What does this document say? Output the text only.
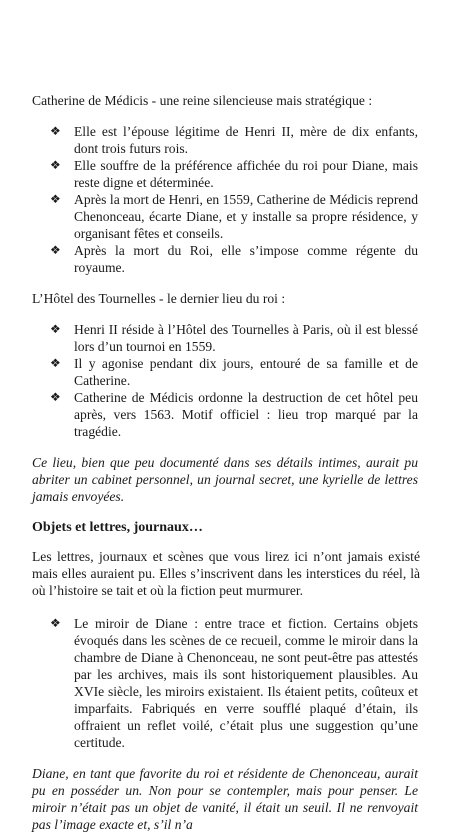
Catherine de Médicis - une reine silencieuse mais stratégique :

❖ Elle est l’épouse légitime de Henri II, mère de dix enfants, dont trois futurs rois.
❖ Elle souffre de la préférence affichée du roi pour Diane, mais reste digne et déterminée.
❖ Après la mort de Henri, en 1559, Catherine de Médicis reprend Chenonceau, écarte Diane, et y installe sa propre résidence, y organisant fêtes et conseils.
❖ Après la mort du Roi, elle s’impose comme régente du royaume.

L’Hôtel des Tournelles - le dernier lieu du roi :

❖ Henri II réside à l’Hôtel des Tournelles à Paris, où il est blessé lors d’un tournoi en 1559.
❖ Il y agonise pendant dix jours, entouré de sa famille et de Catherine.
❖ Catherine de Médicis ordonne la destruction de cet hôtel peu après, vers 1563. Motif officiel : lieu trop marqué par la tragédie.

Ce lieu, bien que peu documenté dans ses détails intimes, aurait pu abriter un cabinet personnel, un journal secret, une kyrielle de lettres jamais envoyées.

Objets et lettres, journaux…

Les lettres, journaux et scènes que vous lirez ici n’ont jamais existé mais elles auraient pu. Elles s’inscrivent dans les interstices du réel, là où l’histoire se tait et où la fiction peut murmurer.

❖ Le miroir de Diane : entre trace et fiction. Certains objets évoqués dans les scènes de ce recueil, comme le miroir dans la chambre de Diane à Chenonceau, ne sont peut-être pas attestés par les archives, mais ils sont historiquement plausibles. Au XVIe siècle, les miroirs existaient. Ils étaient petits, coûteux et imparfaits. Fabriqués en verre soufflé plaqué d’étain, ils offraient un reflet voilé, c’était plus une suggestion qu’une certitude.

Diane, en tant que favorite du roi et résidente de Chenonceau, aurait pu en posséder un. Non pour se contempler, mais pour penser. Le miroir n’était pas un objet de vanité, il était un seuil. Il ne renvoyait pas l’image exacte et, s’il n’a
